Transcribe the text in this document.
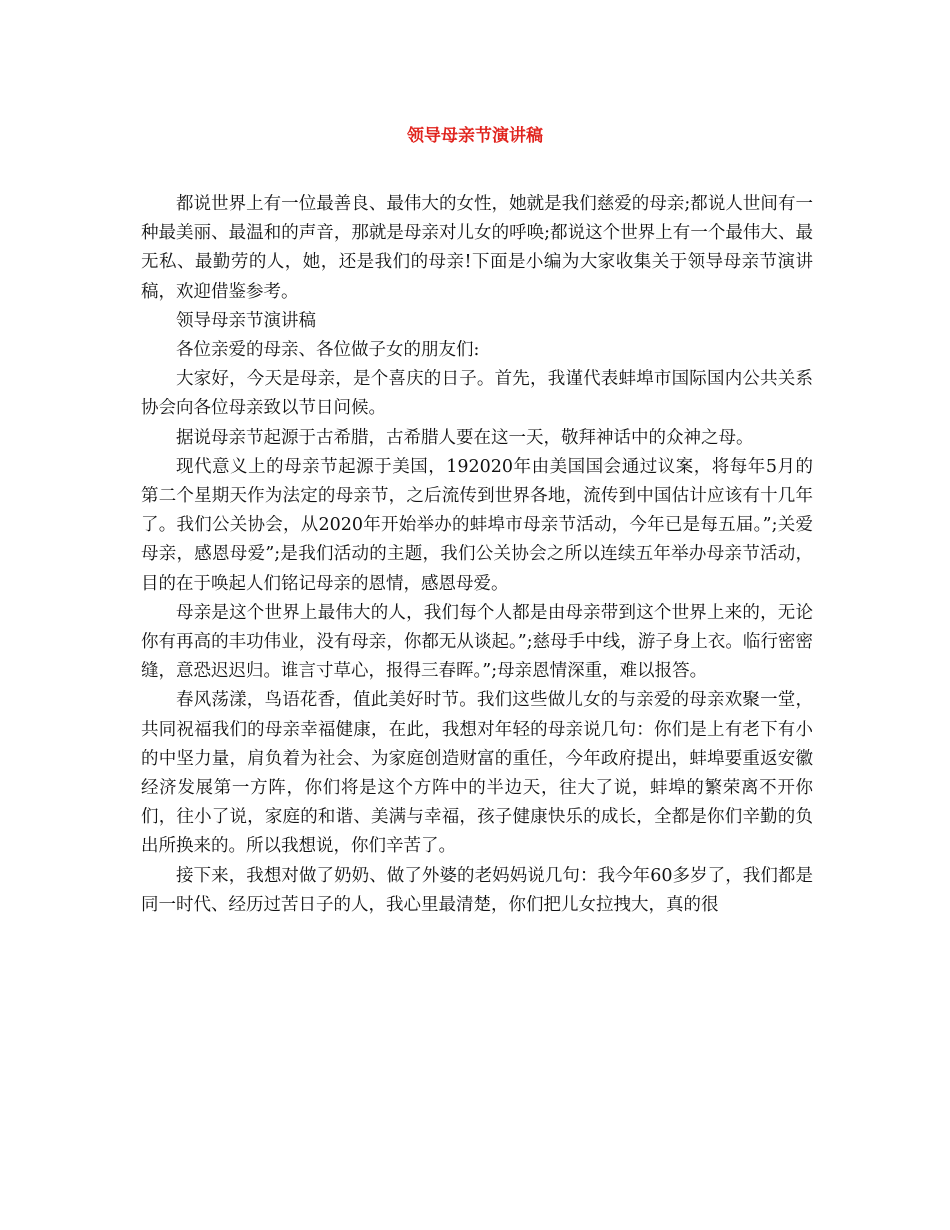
领导母亲节演讲稿

都说世界上有一位最善良、最伟大的女性，她就是我们慈爱的母亲;都说人世间有一种最美丽、最温和的声音，那就是母亲对儿女的呼唤;都说这个世界上有一个最伟大、最无私、最勤劳的人，她，还是我们的母亲!下面是小编为大家收集关于领导母亲节演讲稿，欢迎借鉴参考。

领导母亲节演讲稿

各位亲爱的母亲、各位做子女的朋友们:

大家好，今天是母亲，是个喜庆的日子。首先，我谨代表蚌埠市国际国内公共关系协会向各位母亲致以节日问候。

据说母亲节起源于古希腊，古希腊人要在这一天，敬拜神话中的众神之母。

现代意义上的母亲节起源于美国，192020年由美国国会通过议案，将每年5月的第二个星期天作为法定的母亲节，之后流传到世界各地，流传到中国估计应该有十几年了。我们公关协会，从2020年开始举办的蚌埠市母亲节活动，今年已是每五届。”;关爱母亲，感恩母爱”;是我们活动的主题，我们公关协会之所以连续五年举办母亲节活动，目的在于唤起人们铭记母亲的恩情，感恩母爱。

母亲是这个世界上最伟大的人，我们每个人都是由母亲带到这个世界上来的，无论你有再高的丰功伟业，没有母亲，你都无从谈起。”;慈母手中线，游子身上衣。临行密密缝，意恐迟迟归。谁言寸草心，报得三春晖。”;母亲恩情深重，难以报答。

春风荡漾，鸟语花香，值此美好时节。我们这些做儿女的与亲爱的母亲欢聚一堂，共同祝福我们的母亲幸福健康，在此，我想对年轻的母亲说几句：你们是上有老下有小的中坚力量，肩负着为社会、为家庭创造财富的重任，今年政府提出，蚌埠要重返安徽经济发展第一方阵，你们将是这个方阵中的半边天，往大了说，蚌埠的繁荣离不开你们，往小了说，家庭的和谐、美满与幸福，孩子健康快乐的成长，全都是你们辛勤的负出所换来的。所以我想说，你们辛苦了。

接下来，我想对做了奶奶、做了外婆的老妈妈说几句：我今年60多岁了，我们都是同一时代、经历过苦日子的人，我心里最清楚，你们把儿女拉拽大，真的很
